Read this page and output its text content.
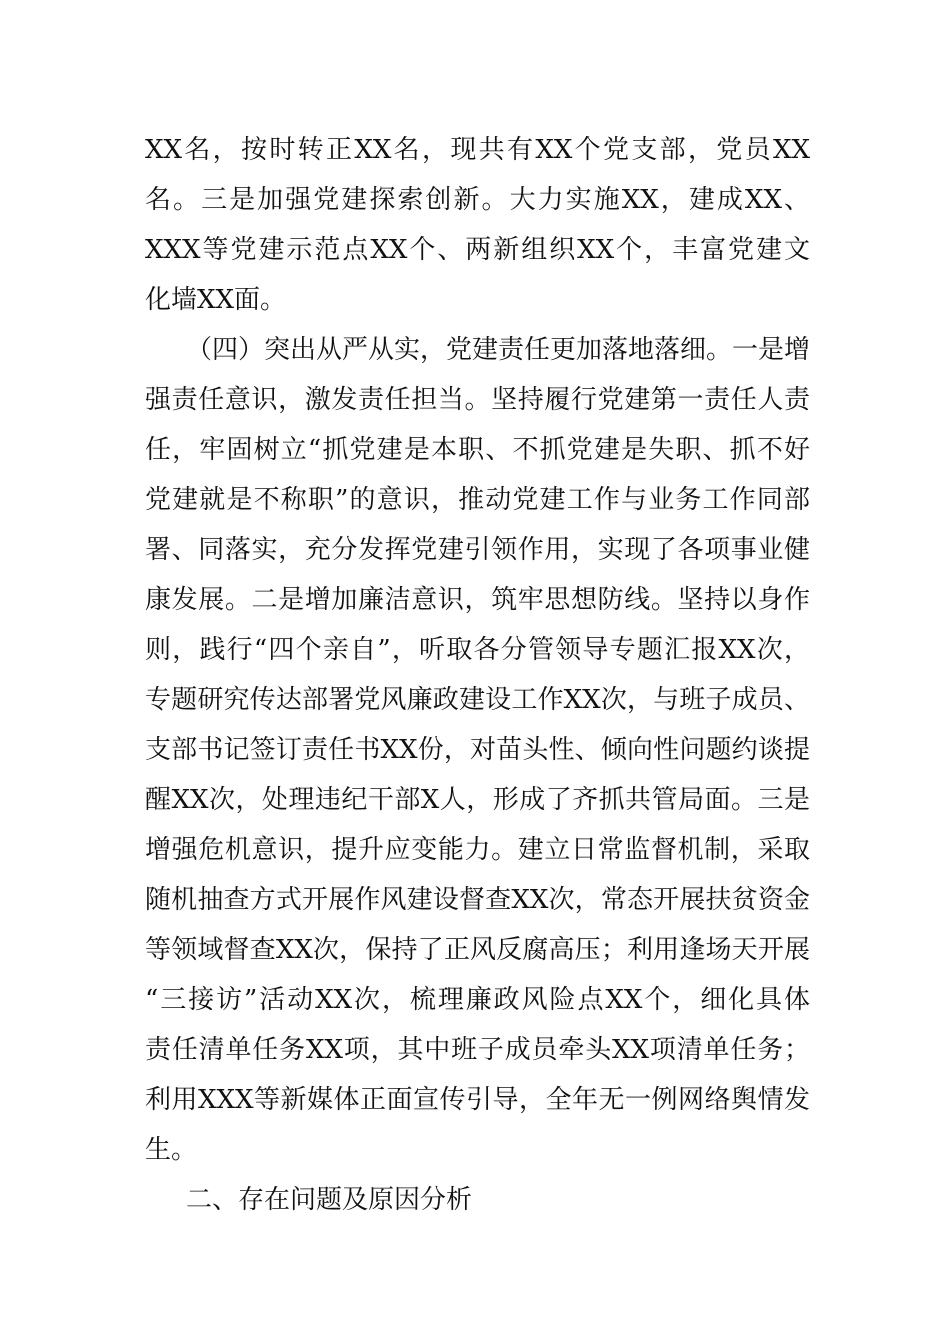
XX名，按时转正XX名，现共有XX个党支部，党员XX
名。三是加强党建探索创新。大力实施XX，建成XX、
XXX等党建示范点XX个、两新组织XX个，丰富党建文
化墙XX面。
（四）突出从严从实，党建责任更加落地落细。一是增
强责任意识，激发责任担当。坚持履行党建第一责任人责
任，牢固树立“抓党建是本职、不抓党建是失职、抓不好
党建就是不称职”的意识，推动党建工作与业务工作同部
署、同落实，充分发挥党建引领作用，实现了各项事业健
康发展。二是增加廉洁意识，筑牢思想防线。坚持以身作
则，践行“四个亲自”，听取各分管领导专题汇报XX次，
专题研究传达部署党风廉政建设工作XX次，与班子成员、
支部书记签订责任书XX份，对苗头性、倾向性问题约谈提
醒XX次，处理违纪干部X人，形成了齐抓共管局面。三是
增强危机意识，提升应变能力。建立日常监督机制，采取
随机抽查方式开展作风建设督查XX次，常态开展扶贫资金
等领域督查XX次，保持了正风反腐高压；利用逢场天开展
“三接访”活动XX次，梳理廉政风险点XX个，细化具体
责任清单任务XX项，其中班子成员牵头XX项清单任务；
利用XXX等新媒体正面宣传引导，全年无一例网络舆情发
生。
二、存在问题及原因分析
